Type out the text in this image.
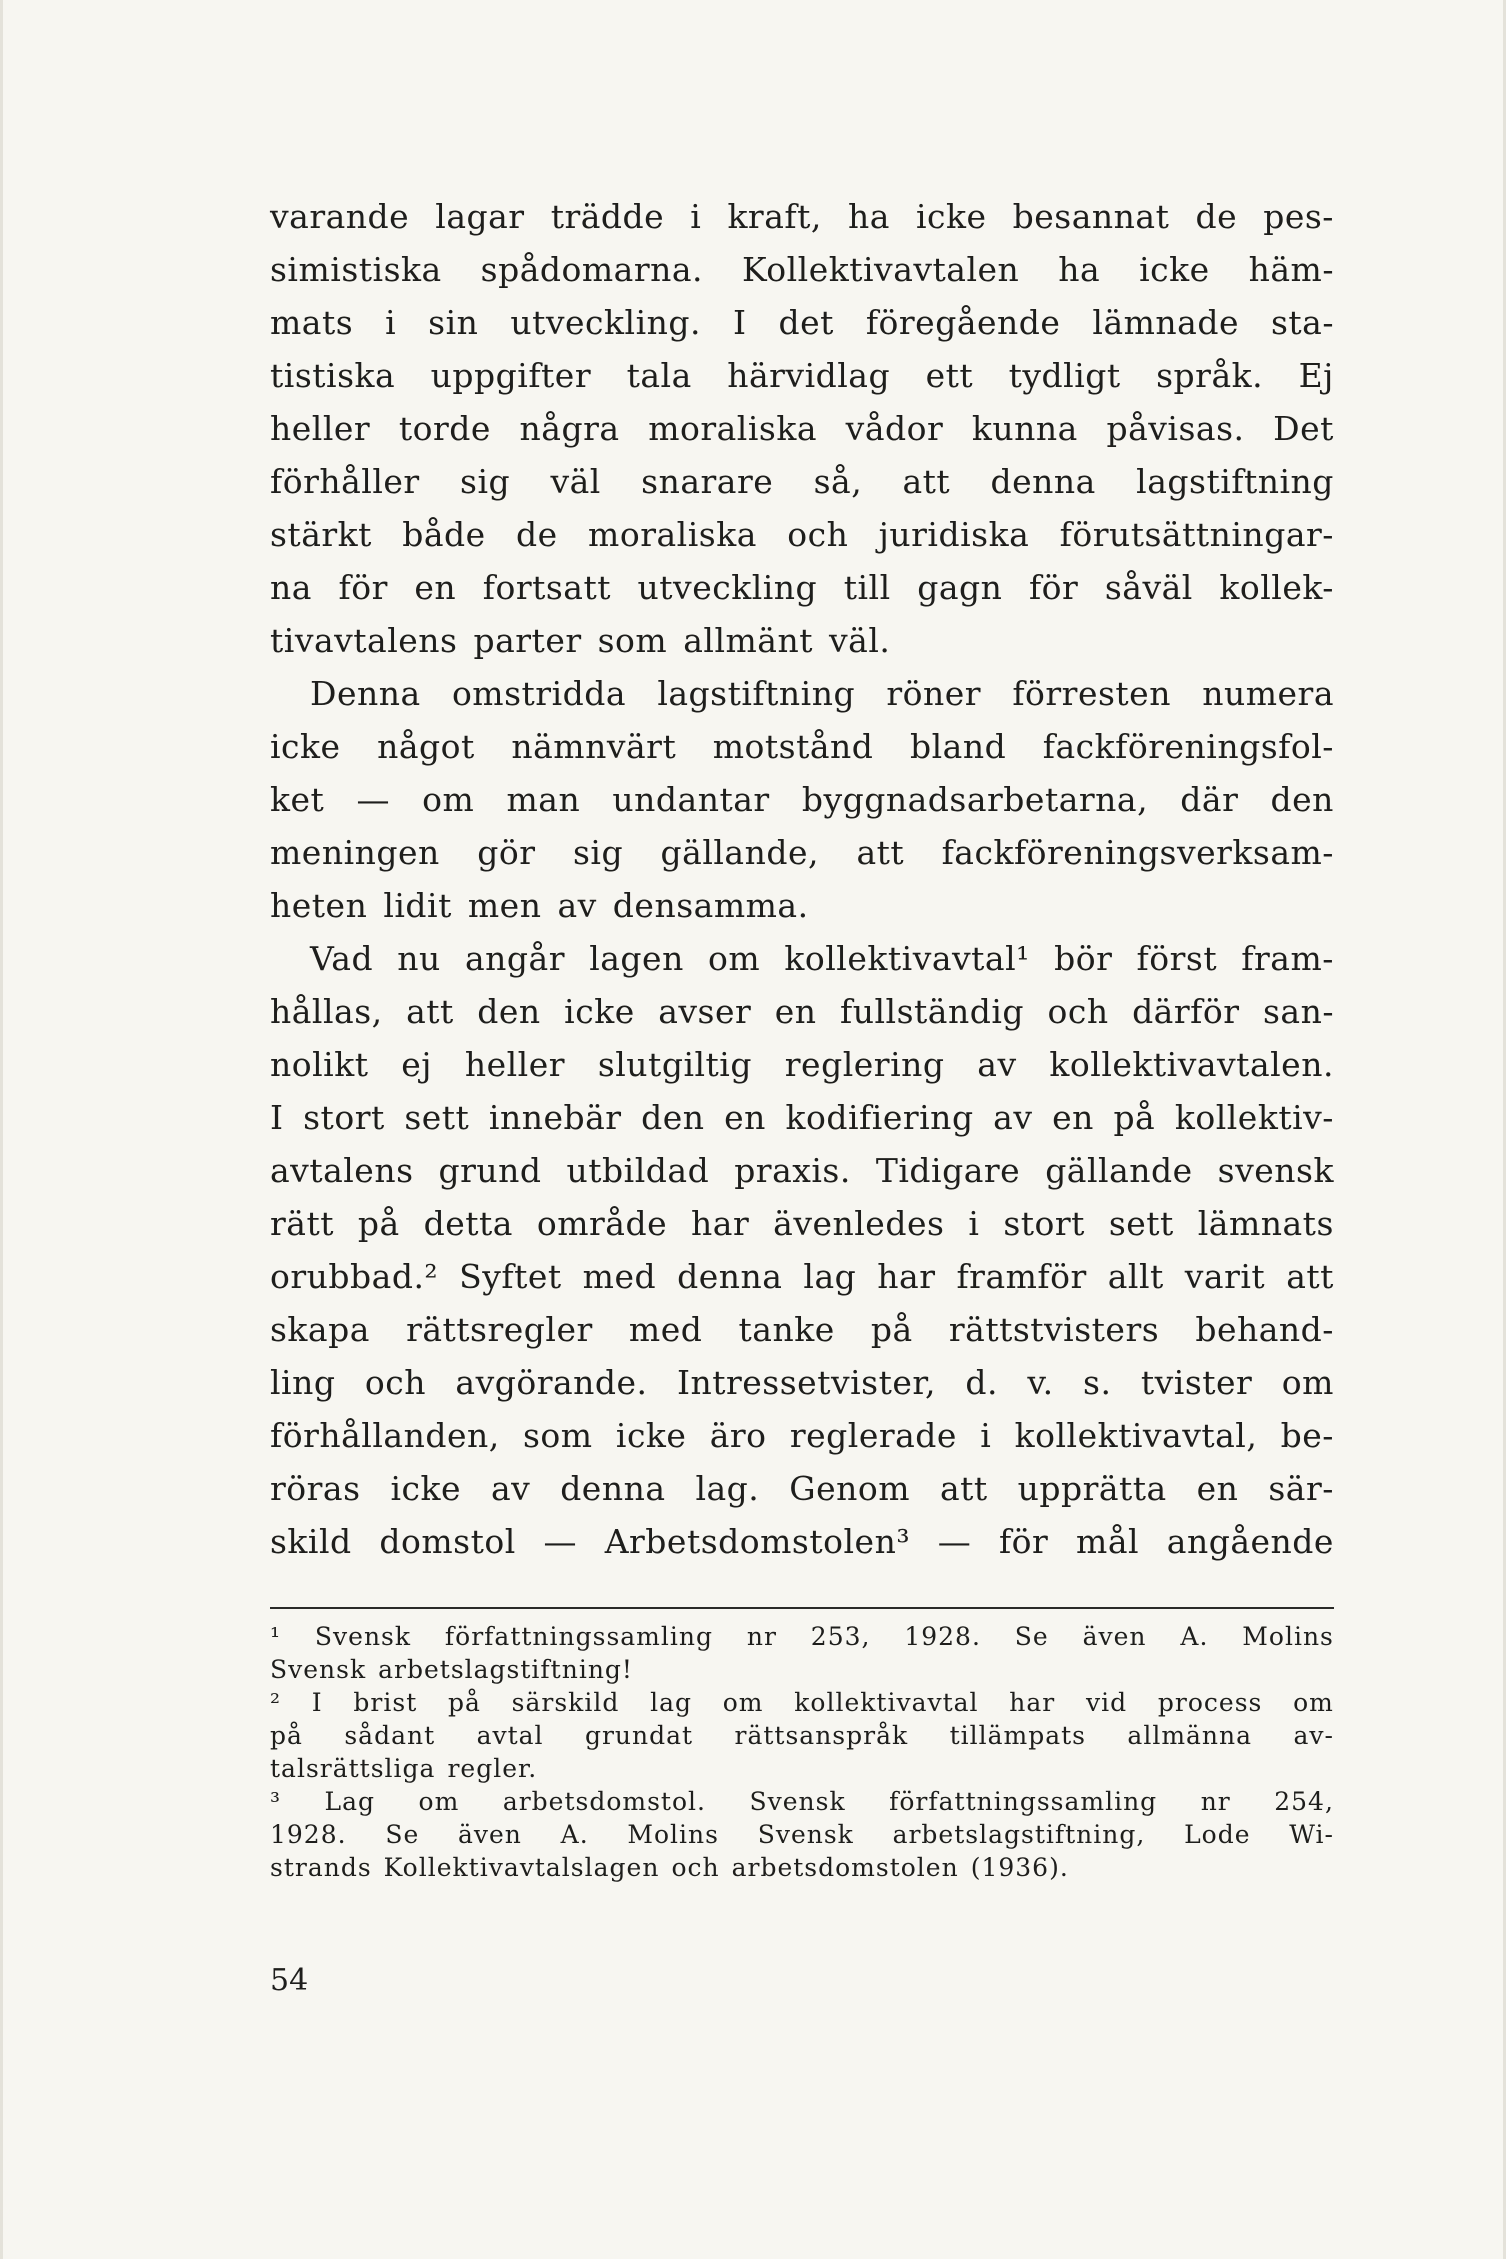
varande lagar trädde i kraft, ha icke besannat de pes-
simistiska spådomarna. Kollektivavtalen ha icke häm-
mats i sin utveckling. I det föregående lämnade sta-
tistiska uppgifter tala härvidlag ett tydligt språk. Ej
heller torde några moraliska vådor kunna påvisas. Det
förhåller sig väl snarare så, att denna lagstiftning
stärkt både de moraliska och juridiska förutsättningar-
na för en fortsatt utveckling till gagn för såväl kollek-
tivavtalens parter som allmänt väl.
Denna omstridda lagstiftning röner förresten numera
icke något nämnvärt motstånd bland fackföreningsfol-
ket — om man undantar byggnadsarbetarna, där den
meningen gör sig gällande, att fackföreningsverksam-
heten lidit men av densamma.
Vad nu angår lagen om kollektivavtal¹ bör först fram-
hållas, att den icke avser en fullständig och därför san-
nolikt ej heller slutgiltig reglering av kollektivavtalen.
I stort sett innebär den en kodifiering av en på kollektiv-
avtalens grund utbildad praxis. Tidigare gällande svensk
rätt på detta område har ävenledes i stort sett lämnats
orubbad.² Syftet med denna lag har framför allt varit att
skapa rättsregler med tanke på rättstvisters behand-
ling och avgörande. Intressetvister, d. v. s. tvister om
förhållanden, som icke äro reglerade i kollektivavtal, be-
röras icke av denna lag. Genom att upprätta en sär-
skild domstol — Arbetsdomstolen³ — för mål angående
¹ Svensk författningssamling nr 253, 1928. Se även A. Molins
Svensk arbetslagstiftning!
² I brist på särskild lag om kollektivavtal har vid process om
på sådant avtal grundat rättsanspråk tillämpats allmänna av-
talsrättsliga regler.
³ Lag om arbetsdomstol. Svensk författningssamling nr 254,
1928. Se även A. Molins Svensk arbetslagstiftning, Lode Wi-
strands Kollektivavtalslagen och arbetsdomstolen (1936).
54
